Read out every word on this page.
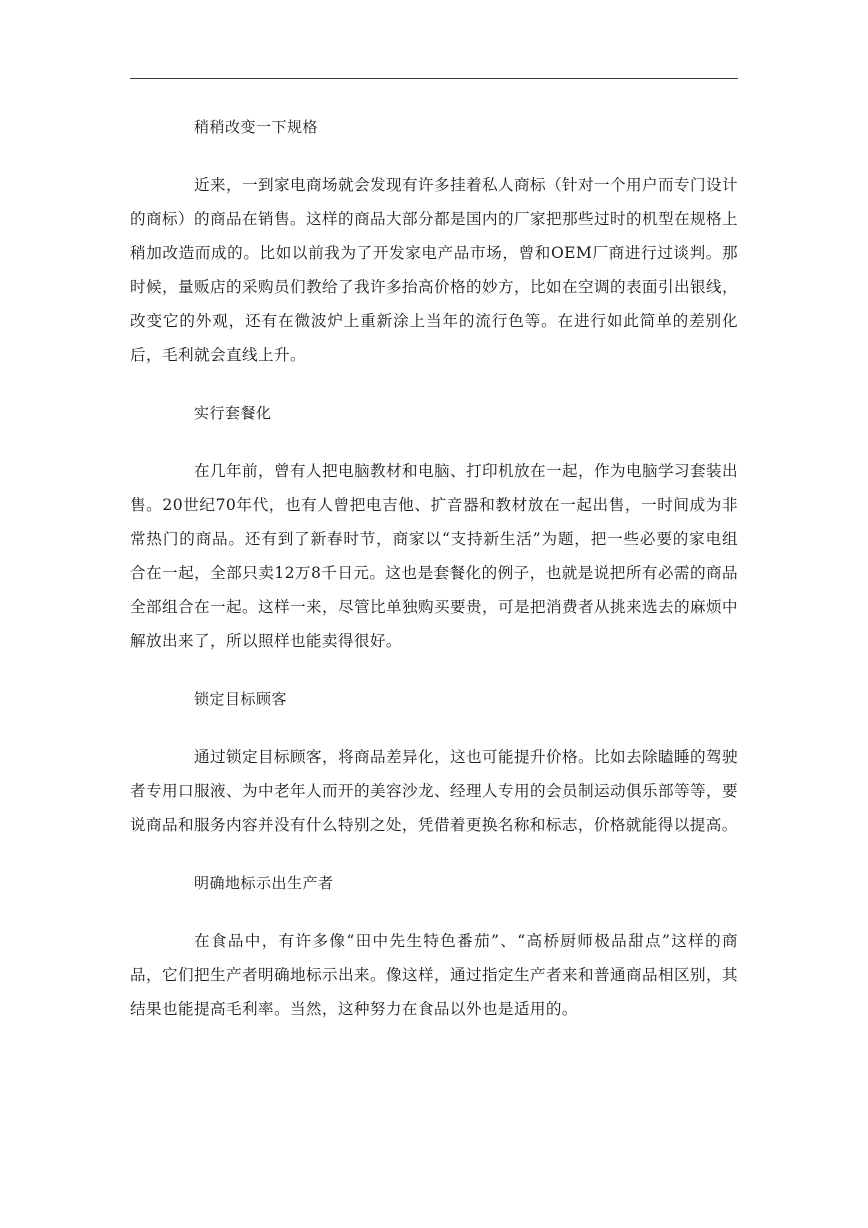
稍稍改变一下规格

近来，一到家电商场就会发现有许多挂着私人商标（针对一个用户而专门设计的商标）的商品在销售。这样的商品大部分都是国内的厂家把那些过时的机型在规格上稍加改造而成的。比如以前我为了开发家电产品市场，曾和OEM厂商进行过谈判。那时候，量贩店的采购员们教给了我许多抬高价格的妙方，比如在空调的表面引出银线，改变它的外观，还有在微波炉上重新涂上当年的流行色等。在进行如此简单的差别化后，毛利就会直线上升。

实行套餐化

在几年前，曾有人把电脑教材和电脑、打印机放在一起，作为电脑学习套装出售。20世纪70年代，也有人曾把电吉他、扩音器和教材放在一起出售，一时间成为非常热门的商品。还有到了新春时节，商家以“支持新生活”为题，把一些必要的家电组合在一起，全部只卖12万8千日元。这也是套餐化的例子，也就是说把所有必需的商品全部组合在一起。这样一来，尽管比单独购买要贵，可是把消费者从挑来选去的麻烦中解放出来了，所以照样也能卖得很好。

锁定目标顾客

通过锁定目标顾客，将商品差异化，这也可能提升价格。比如去除瞌睡的驾驶者专用口服液、为中老年人而开的美容沙龙、经理人专用的会员制运动俱乐部等等，要说商品和服务内容并没有什么特别之处，凭借着更换名称和标志，价格就能得以提高。

明确地标示出生产者

在食品中，有许多像“田中先生特色番茄”、“高桥厨师极品甜点”这样的商品，它们把生产者明确地标示出来。像这样，通过指定生产者来和普通商品相区别，其结果也能提高毛利率。当然，这种努力在食品以外也是适用的。
